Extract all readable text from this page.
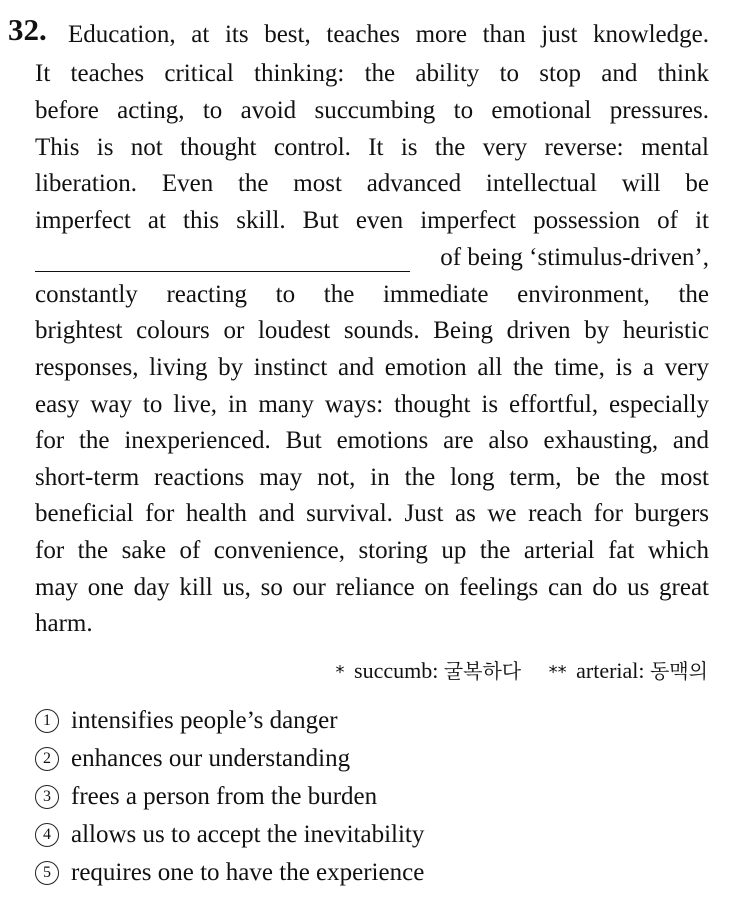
32. Education, at its best, teaches more than just knowledge.
It teaches critical thinking: the ability to stop and think
before acting, to avoid succumbing to emotional pressures.
This is not thought control. It is the very reverse: mental
liberation. Even the most advanced intellectual will be
imperfect at this skill. But even imperfect possession of it
of being ‘stimulus-driven’,
constantly reacting to the immediate environment, the
brightest colours or loudest sounds. Being driven by heuristic
responses, living by instinct and emotion all the time, is a very
easy way to live, in many ways: thought is effortful, especially
for the inexperienced. But emotions are also exhausting, and
short-term reactions may not, in the long term, be the most
beneficial for health and survival. Just as we reach for burgers
for the sake of convenience, storing up the arterial fat which
may one day kill us, so our reliance on feelings can do us great
harm.
* succumb: 굴복하다 ** arterial: 동맥의
1 intensifies people’s danger
2 enhances our understanding
3 frees a person from the burden
4 allows us to accept the inevitability
5 requires one to have the experience
